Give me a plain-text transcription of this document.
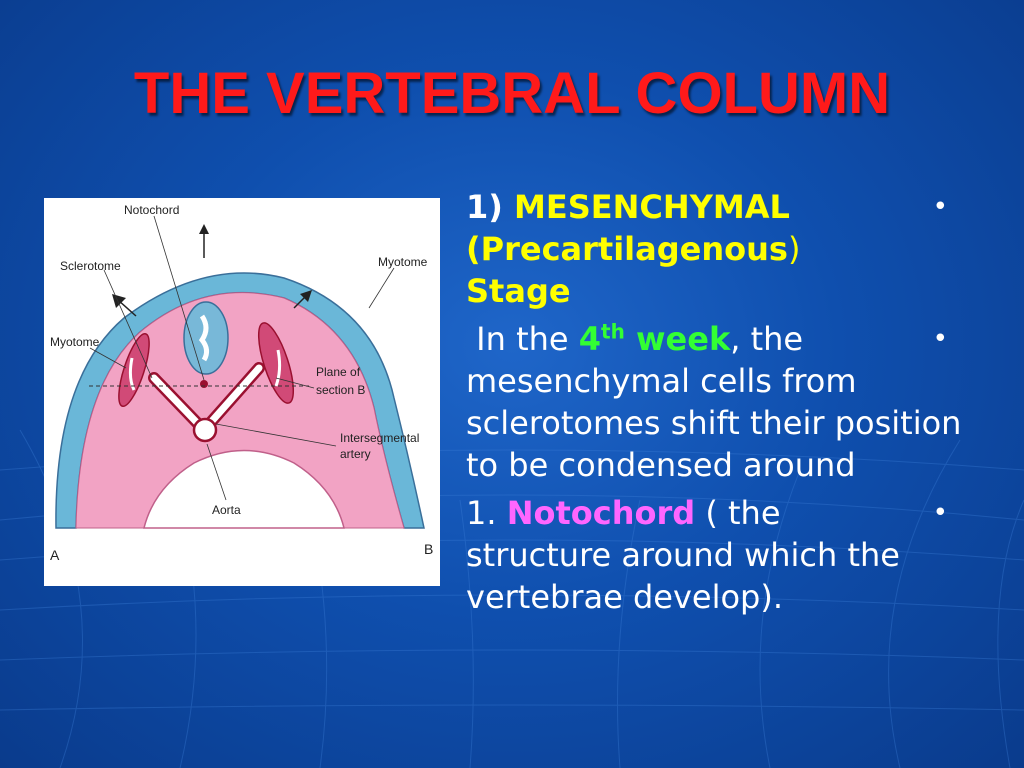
THE VERTEBRAL COLUMN
Notochord
Sclerotome	Myotome
Myotome
Plane of
section B
Intersegmental
artery
Aorta
A	B
•
1) MESENCHYMAL
(Precartilagenous)
Stage
•
In the 4th week, the
mesenchymal cells from sclerotomes shift their position to be condensed around
•
1. Notochord ( the
structure around which the vertebrae develop).
